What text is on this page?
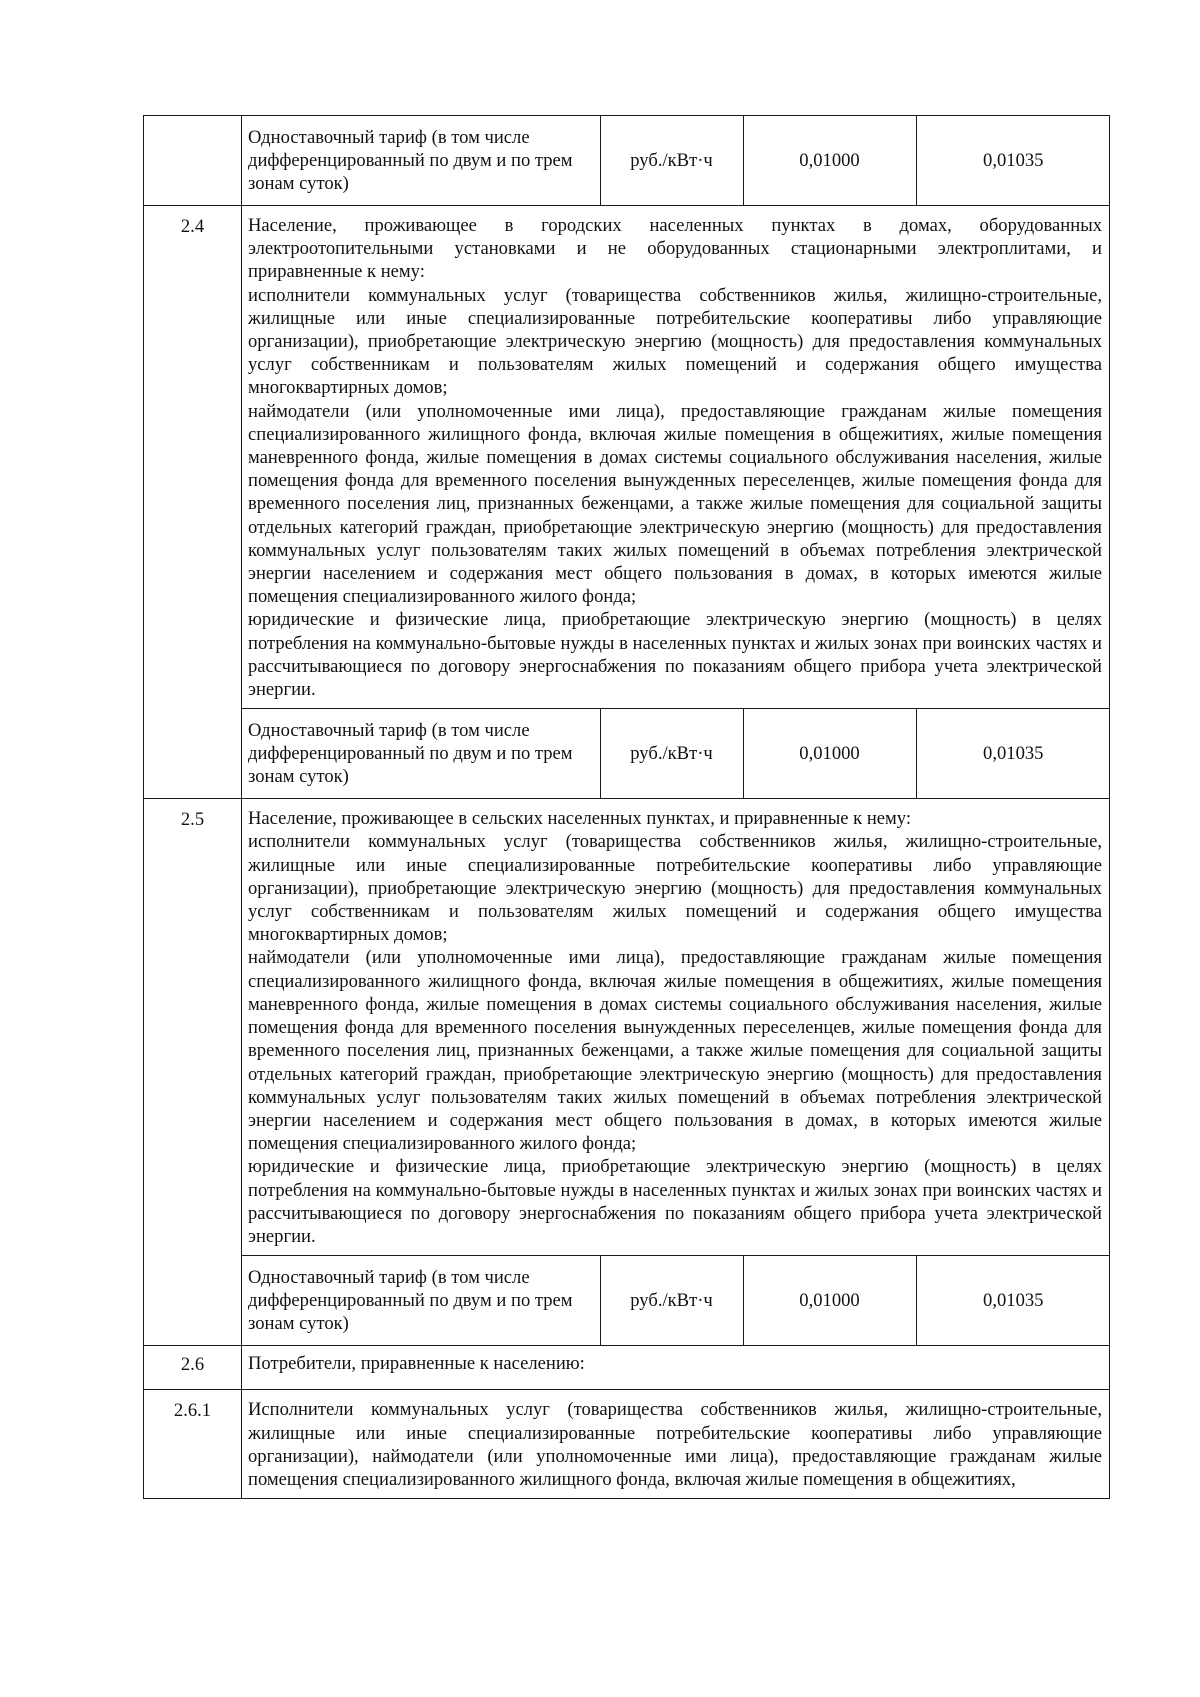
Одноставочный тариф (в том числе дифференцированный по двум и по трем зонам суток)	руб./кВт·ч	0,01000	0,01035

2.4	Население, проживающее в городских населенных пунктах в домах, оборудованных электроотопительными установками и не оборудованных стационарными электроплитами, и приравненные к нему:

исполнители коммунальных услуг (товарищества собственников жилья, жилищно-строительные, жилищные или иные специализированные потребительские кооперативы либо управляющие организации), приобретающие электрическую энергию (мощность) для предоставления коммунальных услуг собственникам и пользователям жилых помещений и содержания общего имущества многоквартирных домов;

наймодатели (или уполномоченные ими лица), предоставляющие гражданам жилые помещения специализированного жилищного фонда, включая жилые помещения в общежитиях, жилые помещения маневренного фонда, жилые помещения в домах системы социального обслуживания населения, жилые помещения фонда для временного поселения вынужденных переселенцев, жилые помещения фонда для временного поселения лиц, признанных беженцами, а также жилые помещения для социальной защиты отдельных категорий граждан, приобретающие электрическую энергию (мощность) для предоставления коммунальных услуг пользователям таких жилых помещений в объемах потребления электрической энергии населением и содержания мест общего пользования в домах, в которых имеются жилые помещения специализированного жилого фонда;

юридические и физические лица, приобретающие электрическую энергию (мощность) в целях потребления на коммунально-бытовые нужды в населенных пунктах и жилых зонах при воинских частях и рассчитывающиеся по договору энергоснабжения по показаниям общего прибора учета электрической энергии.

Одноставочный тариф (в том числе дифференцированный по двум и по трем зонам суток)	руб./кВт·ч	0,01000	0,01035

2.5	Население, проживающее в сельских населенных пунктах, и приравненные к нему:

исполнители коммунальных услуг (товарищества собственников жилья, жилищно-строительные, жилищные или иные специализированные потребительские кооперативы либо управляющие организации), приобретающие электрическую энергию (мощность) для предоставления коммунальных услуг собственникам и пользователям жилых помещений и содержания общего имущества многоквартирных домов;

наймодатели (или уполномоченные ими лица), предоставляющие гражданам жилые помещения специализированного жилищного фонда, включая жилые помещения в общежитиях, жилые помещения маневренного фонда, жилые помещения в домах системы социального обслуживания населения, жилые помещения фонда для временного поселения вынужденных переселенцев, жилые помещения фонда для временного поселения лиц, признанных беженцами, а также жилые помещения для социальной защиты отдельных категорий граждан, приобретающие электрическую энергию (мощность) для предоставления коммунальных услуг пользователям таких жилых помещений в объемах потребления электрической энергии населением и содержания мест общего пользования в домах, в которых имеются жилые помещения специализированного жилого фонда;

юридические и физические лица, приобретающие электрическую энергию (мощность) в целях потребления на коммунально-бытовые нужды в населенных пунктах и жилых зонах при воинских частях и рассчитывающиеся по договору энергоснабжения по показаниям общего прибора учета электрической энергии.

Одноставочный тариф (в том числе дифференцированный по двум и по трем зонам суток)	руб./кВт·ч	0,01000	0,01035

2.6	Потребители, приравненные к населению:

2.6.1	Исполнители коммунальных услуг (товарищества собственников жилья, жилищно-строительные, жилищные или иные специализированные потребительские кооперативы либо управляющие организации), наймодатели (или уполномоченные ими лица), предоставляющие гражданам жилые помещения специализированного жилищного фонда, включая жилые помещения в общежитиях,
